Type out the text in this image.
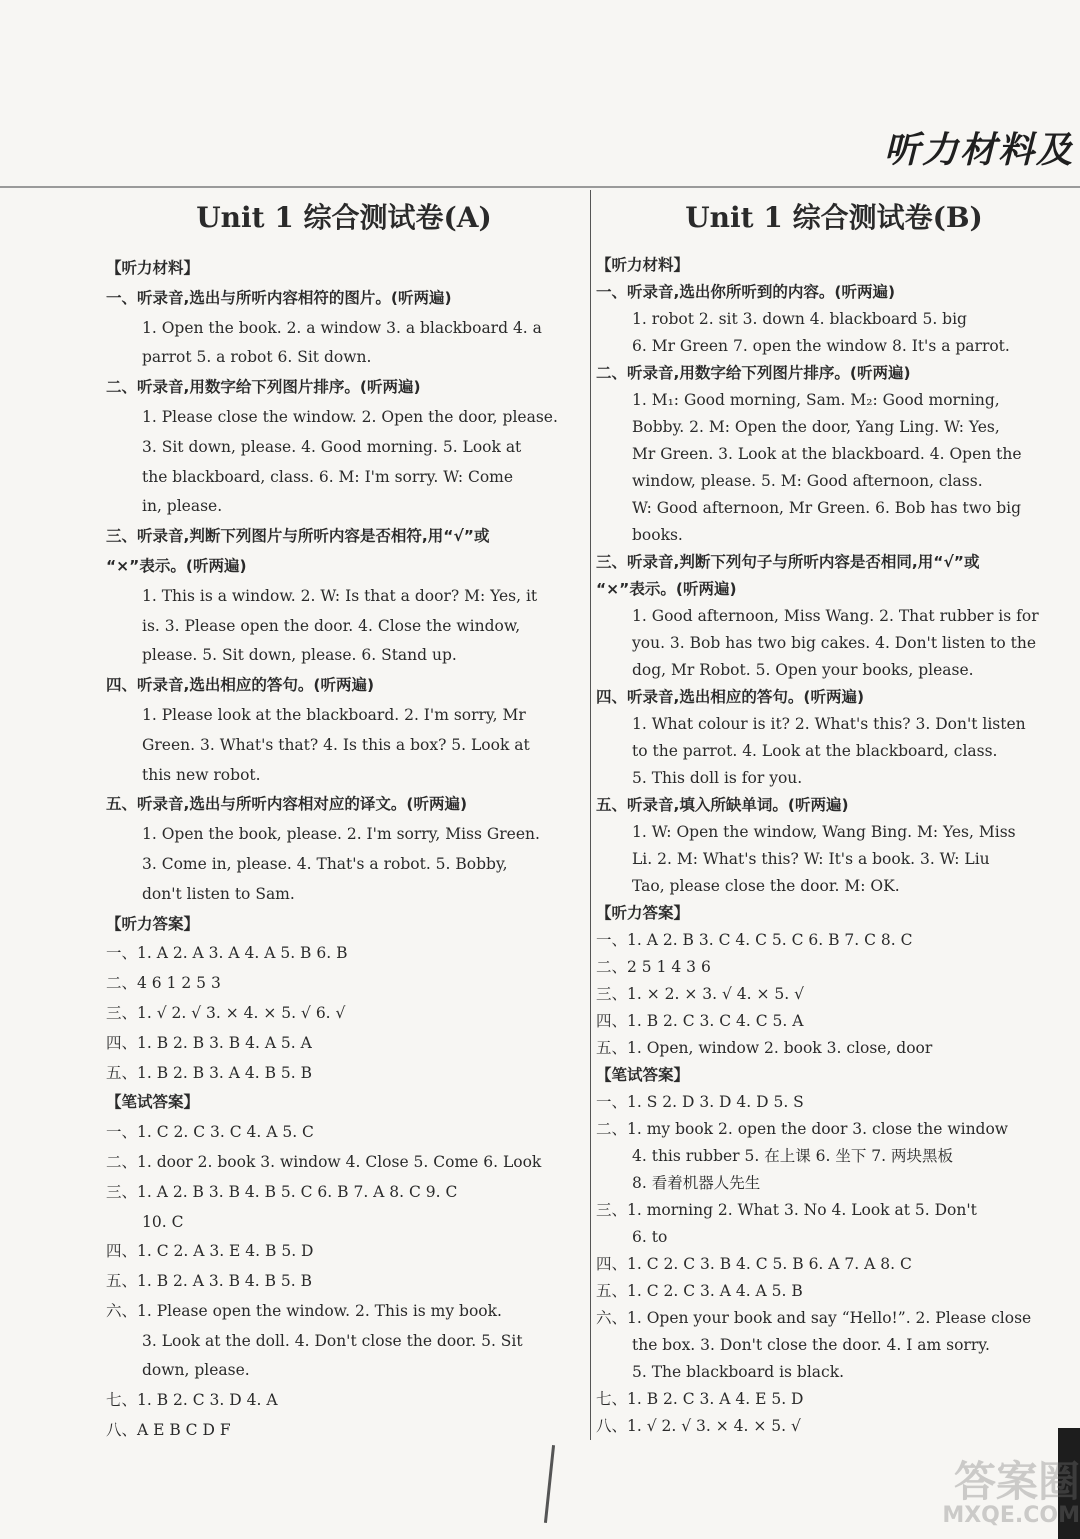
听力材料及
Unit 1 综合测试卷(A)
【听力材料】
一、听录音,选出与所听内容相符的图片。(听两遍)
1. Open the book. 2. a window 3. a blackboard 4. a
parrot 5. a robot 6. Sit down.
二、听录音,用数字给下列图片排序。(听两遍)
1. Please close the window. 2. Open the door, please.
3. Sit down, please. 4. Good morning. 5. Look at
the blackboard, class. 6. M: I'm sorry. W: Come
in, please.
三、听录音,判断下列图片与所听内容是否相符,用“√”或
“×”表示。(听两遍)
1. This is a window. 2. W: Is that a door? M: Yes, it
is. 3. Please open the door. 4. Close the window,
please. 5. Sit down, please. 6. Stand up.
四、听录音,选出相应的答句。(听两遍)
1. Please look at the blackboard. 2. I'm sorry, Mr
Green. 3. What's that? 4. Is this a box? 5. Look at
this new robot.
五、听录音,选出与所听内容相对应的译文。(听两遍)
1. Open the book, please. 2. I'm sorry, Miss Green.
3. Come in, please. 4. That's a robot. 5. Bobby,
don't listen to Sam.
【听力答案】
一、1. A 2. A 3. A 4. A 5. B 6. B
二、4 6 1 2 5 3
三、1. √ 2. √ 3. × 4. × 5. √ 6. √
四、1. B 2. B 3. B 4. A 5. A
五、1. B 2. B 3. A 4. B 5. B
【笔试答案】
一、1. C 2. C 3. C 4. A 5. C
二、1. door 2. book 3. window 4. Close 5. Come 6. Look
三、1. A 2. B 3. B 4. B 5. C 6. B 7. A 8. C 9. C
10. C
四、1. C 2. A 3. E 4. B 5. D
五、1. B 2. A 3. B 4. B 5. B
六、1. Please open the window. 2. This is my book.
3. Look at the doll. 4. Don't close the door. 5. Sit
down, please.
七、1. B 2. C 3. D 4. A
八、A E B C D F
Unit 1 综合测试卷(B)
【听力材料】
一、听录音,选出你所听到的内容。(听两遍)
1. robot 2. sit 3. down 4. blackboard 5. big
6. Mr Green 7. open the window 8. It's a parrot.
二、听录音,用数字给下列图片排序。(听两遍)
1. M₁: Good morning, Sam. M₂: Good morning,
Bobby. 2. M: Open the door, Yang Ling. W: Yes,
Mr Green. 3. Look at the blackboard. 4. Open the
window, please. 5. M: Good afternoon, class.
W: Good afternoon, Mr Green. 6. Bob has two big
books.
三、听录音,判断下列句子与所听内容是否相同,用“√”或
“×”表示。(听两遍)
1. Good afternoon, Miss Wang. 2. That rubber is for
you. 3. Bob has two big cakes. 4. Don't listen to the
dog, Mr Robot. 5. Open your books, please.
四、听录音,选出相应的答句。(听两遍)
1. What colour is it? 2. What's this? 3. Don't listen
to the parrot. 4. Look at the blackboard, class.
5. This doll is for you.
五、听录音,填入所缺单词。(听两遍)
1. W: Open the window, Wang Bing. M: Yes, Miss
Li. 2. M: What's this? W: It's a book. 3. W: Liu
Tao, please close the door. M: OK.
【听力答案】
一、1. A 2. B 3. C 4. C 5. C 6. B 7. C 8. C
二、2 5 1 4 3 6
三、1. × 2. × 3. √ 4. × 5. √
四、1. B 2. C 3. C 4. C 5. A
五、1. Open, window 2. book 3. close, door
【笔试答案】
一、1. S 2. D 3. D 4. D 5. S
二、1. my book 2. open the door 3. close the window
4. this rubber 5. 在上课 6. 坐下 7. 两块黑板
8. 看着机器人先生
三、1. morning 2. What 3. No 4. Look at 5. Don't
6. to
四、1. C 2. C 3. B 4. C 5. B 6. A 7. A 8. C
五、1. C 2. C 3. A 4. A 5. B
六、1. Open your book and say “Hello!”. 2. Please close
the box. 3. Don't close the door. 4. I am sorry.
5. The blackboard is black.
七、1. B 2. C 3. A 4. E 5. D
八、1. √ 2. √ 3. × 4. × 5. √
答案圈
MXQE.COM
